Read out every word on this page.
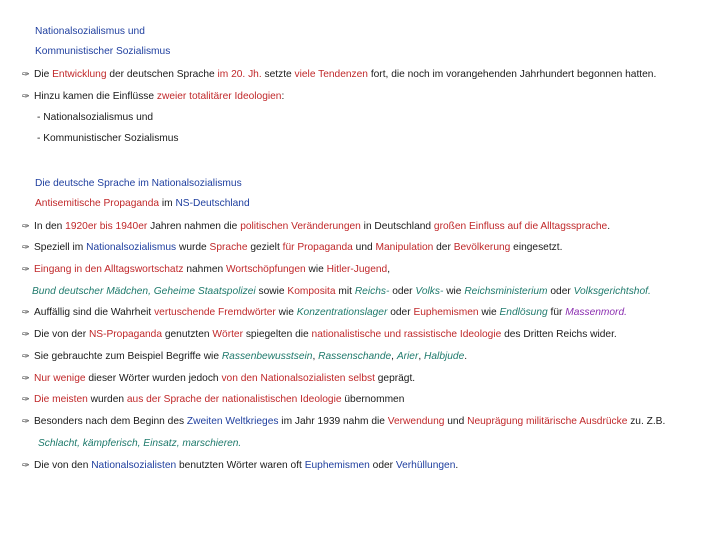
Nationalsozialismus und
Kommunistischer Sozialismus
✑ Die Entwicklung der deutschen Sprache im 20. Jh. setzte viele Tendenzen fort, die noch im vorangehenden Jahrhundert begonnen hatten.
✑ Hinzu kamen die Einflüsse zweier totalitärer Ideologien:
- Nationalsozialismus und
- Kommunistischer Sozialismus
Die deutsche Sprache im Nationalsozialismus
Antisemitische Propaganda im NS-Deutschland
✑ In den 1920er bis 1940er Jahren nahmen die politischen Veränderungen in Deutschland großen Einfluss auf die Alltagssprache.
✑ Speziell im Nationalsozialismus wurde Sprache gezielt für Propaganda und Manipulation der Bevölkerung eingesetzt.
✑ Eingang in den Alltagswortschatz nahmen Wortschöpfungen wie Hitler-Jugend,
Bund deutscher Mädchen, Geheime Staatspolizei sowie Komposita mit Reichs- oder Volks- wie Reichsministerium oder Volksgerichtshof.
✑ Auffällig sind die Wahrheit vertuschende Fremdwörter wie Konzentrationslager oder Euphemismen wie Endlösung für Massenmord.
✑ Die von der NS-Propaganda genutzten Wörter spiegelten die nationalistische und rassistische Ideologie des Dritten Reichs wider.
✑ Sie gebrauchte zum Beispiel Begriffe wie Rassenbewusstsein, Rassenschande, Arier, Halbjude.
✑ Nur wenige dieser Wörter wurden jedoch von den Nationalsozialisten selbst geprägt.
✑ Die meisten wurden aus der Sprache der nationalistischen Ideologie übernommen
✑ Besonders nach dem Beginn des Zweiten Weltkrieges im Jahr 1939 nahm die Verwendung und Neuprägung militärische Ausdrücke zu. Z.B.
Schlacht, kämpferisch, Einsatz, marschieren.
✑ Die von den Nationalsozialisten benutzten Wörter waren oft Euphemismen oder Verhüllungen.
